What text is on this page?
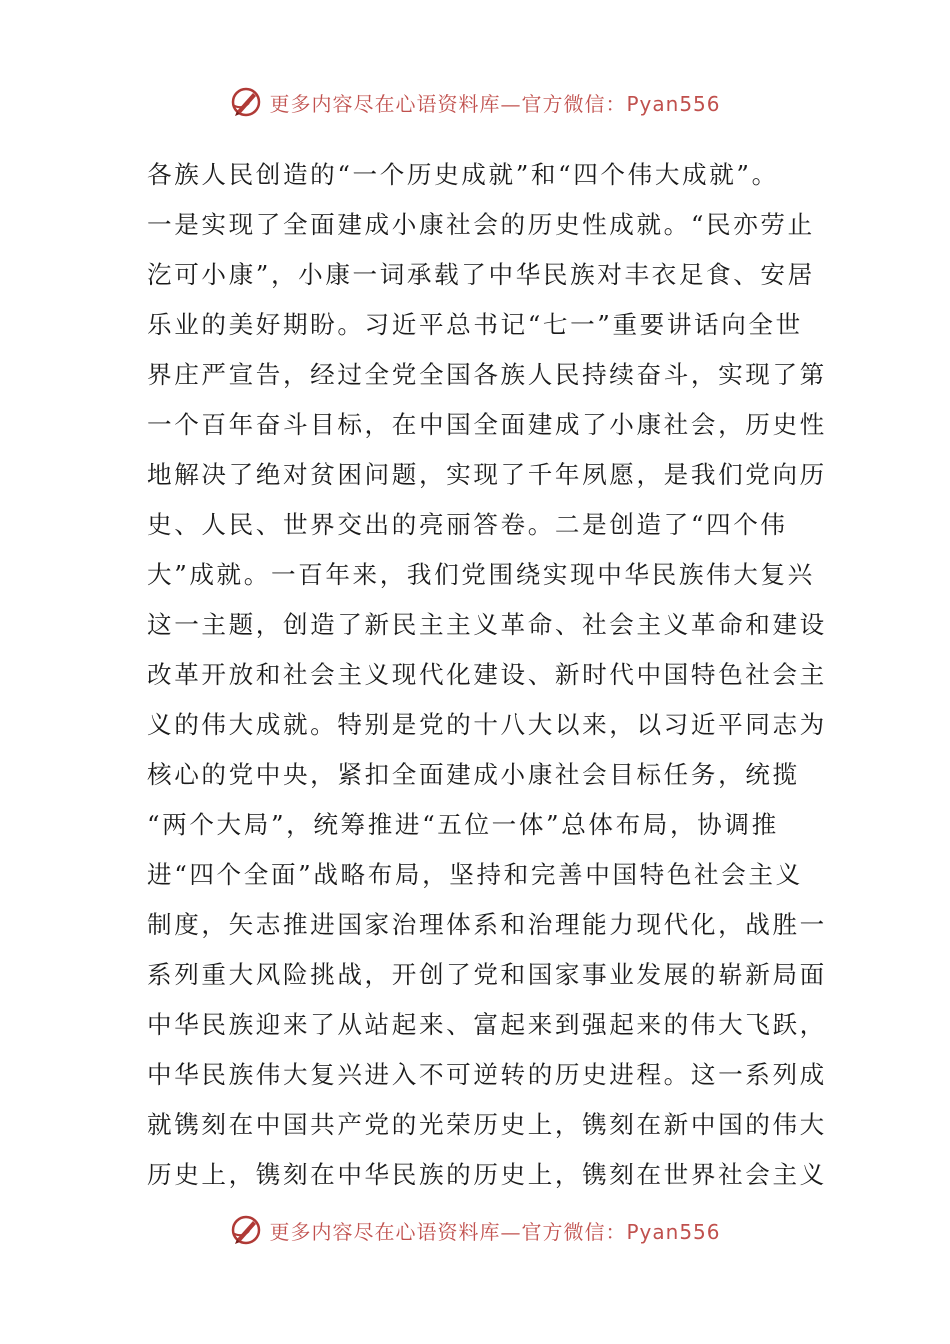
更多内容尽在心语资料库—官方微信：Pyan556
各族人民创造的“一个历史成就”和“四个伟大成就”。
一是实现了全面建成小康社会的历史性成就。“民亦劳止
汔可小康”，小康一词承载了中华民族对丰衣足食、安居
乐业的美好期盼。习近平总书记“七一”重要讲话向全世
界庄严宣告，经过全党全国各族人民持续奋斗，实现了第
一个百年奋斗目标，在中国全面建成了小康社会，历史性
地解决了绝对贫困问题，实现了千年夙愿，是我们党向历
史、人民、世界交出的亮丽答卷。二是创造了“四个伟
大”成就。一百年来，我们党围绕实现中华民族伟大复兴
这一主题，创造了新民主主义革命、社会主义革命和建设
改革开放和社会主义现代化建设、新时代中国特色社会主
义的伟大成就。特别是党的十八大以来，以习近平同志为
核心的党中央，紧扣全面建成小康社会目标任务，统揽
“两个大局”，统筹推进“五位一体”总体布局，协调推
进“四个全面”战略布局，坚持和完善中国特色社会主义
制度，矢志推进国家治理体系和治理能力现代化，战胜一
系列重大风险挑战，开创了党和国家事业发展的崭新局面
中华民族迎来了从站起来、富起来到强起来的伟大飞跃，
中华民族伟大复兴进入不可逆转的历史进程。这一系列成
就镌刻在中国共产党的光荣历史上，镌刻在新中国的伟大
历史上，镌刻在中华民族的历史上，镌刻在世界社会主义
更多内容尽在心语资料库—官方微信：Pyan556
